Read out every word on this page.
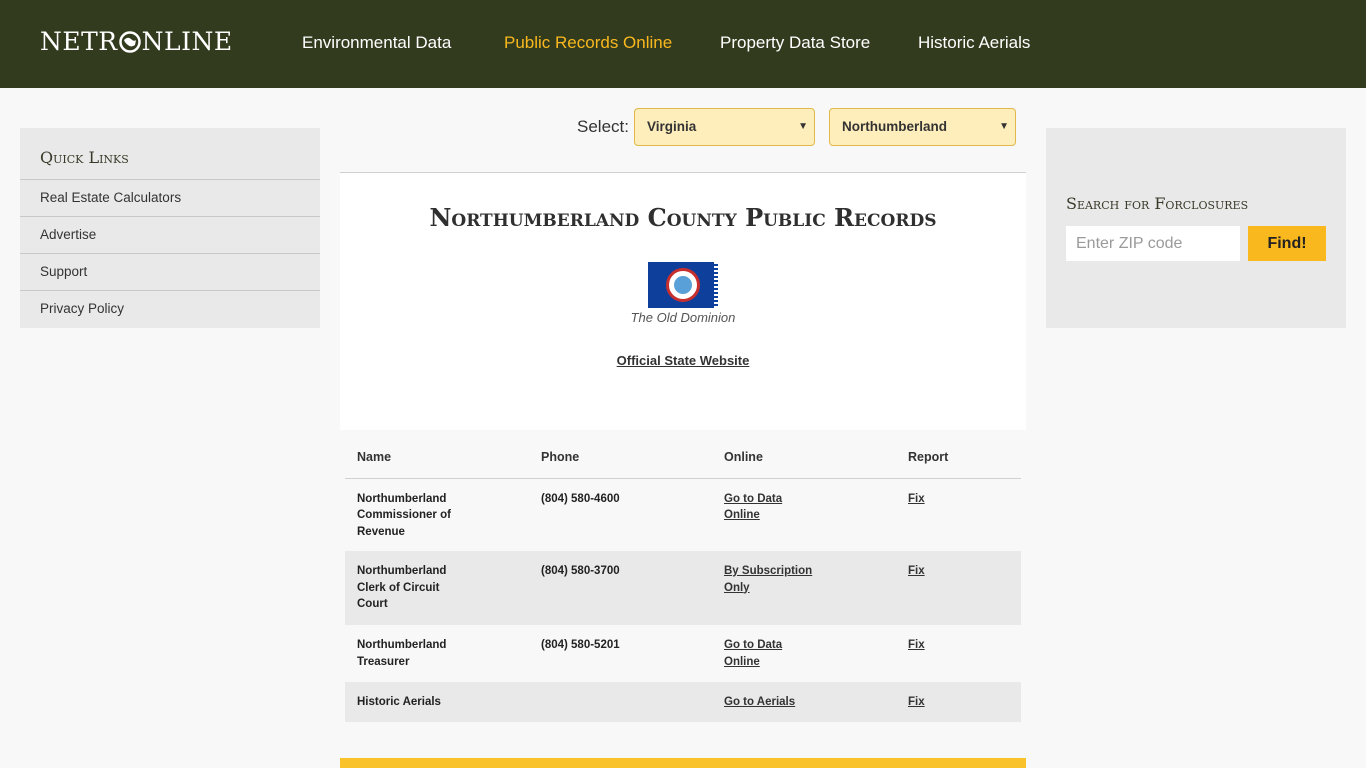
NETR NLINE	Environmental Data	Public Records Online	Property Data Store	Historic Aerials
Quick Links
Real Estate Calculators
Advertise
Support
Privacy Policy
Select:	Virginia	▼	Northumberland	▼
Northumberland County Public Records
The Old Dominion
Official State Website
Name	Phone	Online	Report
Northumberland Commissioner of Revenue	(804) 580-4600	Go to Data Online	Fix
Northumberland Clerk of Circuit Court	(804) 580-3700	By Subscription Only	Fix
Northumberland Treasurer	(804) 580-5201	Go to Data Online	Fix
Historic Aerials		Go to Aerials	Fix
Search for Forclosures
Enter ZIP code
Find!
